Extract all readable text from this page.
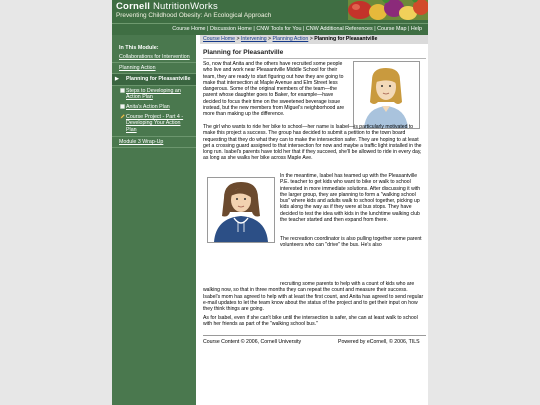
Cornell NutritionWorks
Preventing Childhood Obesity: An Ecological Approach
Course Home | Discussion Home | CNW Tools for You | CNW Additional References | Course Map | Help
In This Module:
Collaborations for Intervention
Planning Action
▶ Planning for Pleasantville
Steps to Developing an Action Plan
Anita's Action Plan
Course Project - Part 4 - Developing Your Action Plan
Module 3 Wrap-Up
Course Home > Intervening > Planning Action > Planning for Pleasantville
Planning for Pleasantville
So, now that Anita and the others have recruited some people who live and work near Pleasantville Middle School for their team, they are ready to start figuring out how they are going to make that intersection at Maple Avenue and Elm Street less dangerous. Some of the original members of the team—the parent whose daughter goes to Baker, for example—have decided to focus their time on the sweetened beverage issue instead, but the new members from Miguel's neighborhood are more than making up the difference.
The girl who wants to ride her bike to school—her name is Isabel—is particularly motivated to make this project a success. The group has decided to submit a petition to the town board requesting that they do what they can to make the intersection safer. They are hoping to at least get a crossing guard assigned to that intersection for now and maybe a traffic light installed in the long run. Isabel's parents have told her that if they succeed, she'll be allowed to ride in every day, as long as she walks her bike across Maple Ave.
In the meantime, Isabel has teamed up with the Pleasantville P.E. teacher to get kids who want to bike or walk to school interested in more immediate solutions. After discussing it with the larger group, they are planning to form a "walking school bus" where kids and adults walk to school together, picking up kids along the way as if they were at bus stops. They have decided to test the idea with kids in the lunchtime walking club the teacher started and then expand from there.
The recreation coordinator is also pulling together some parent volunteers who can "drive" the bus. He's also
recruiting some parents to help with a count of kids who are
walking now, so that in three months they can repeat the count and measure their success. Isabel's mom has agreed to help with at least the first count, and Anita has agreed to send regular e-mail updates to let the team know about the status of the project and to get their input on how they think things are going.
As for Isabel, even if she can't bike until the intersection is safer, she can at least walk to school with her friends as part of the "walking school bus."
Course Content © 2006, Cornell University	Powered by eCornell, © 2006, TILS
